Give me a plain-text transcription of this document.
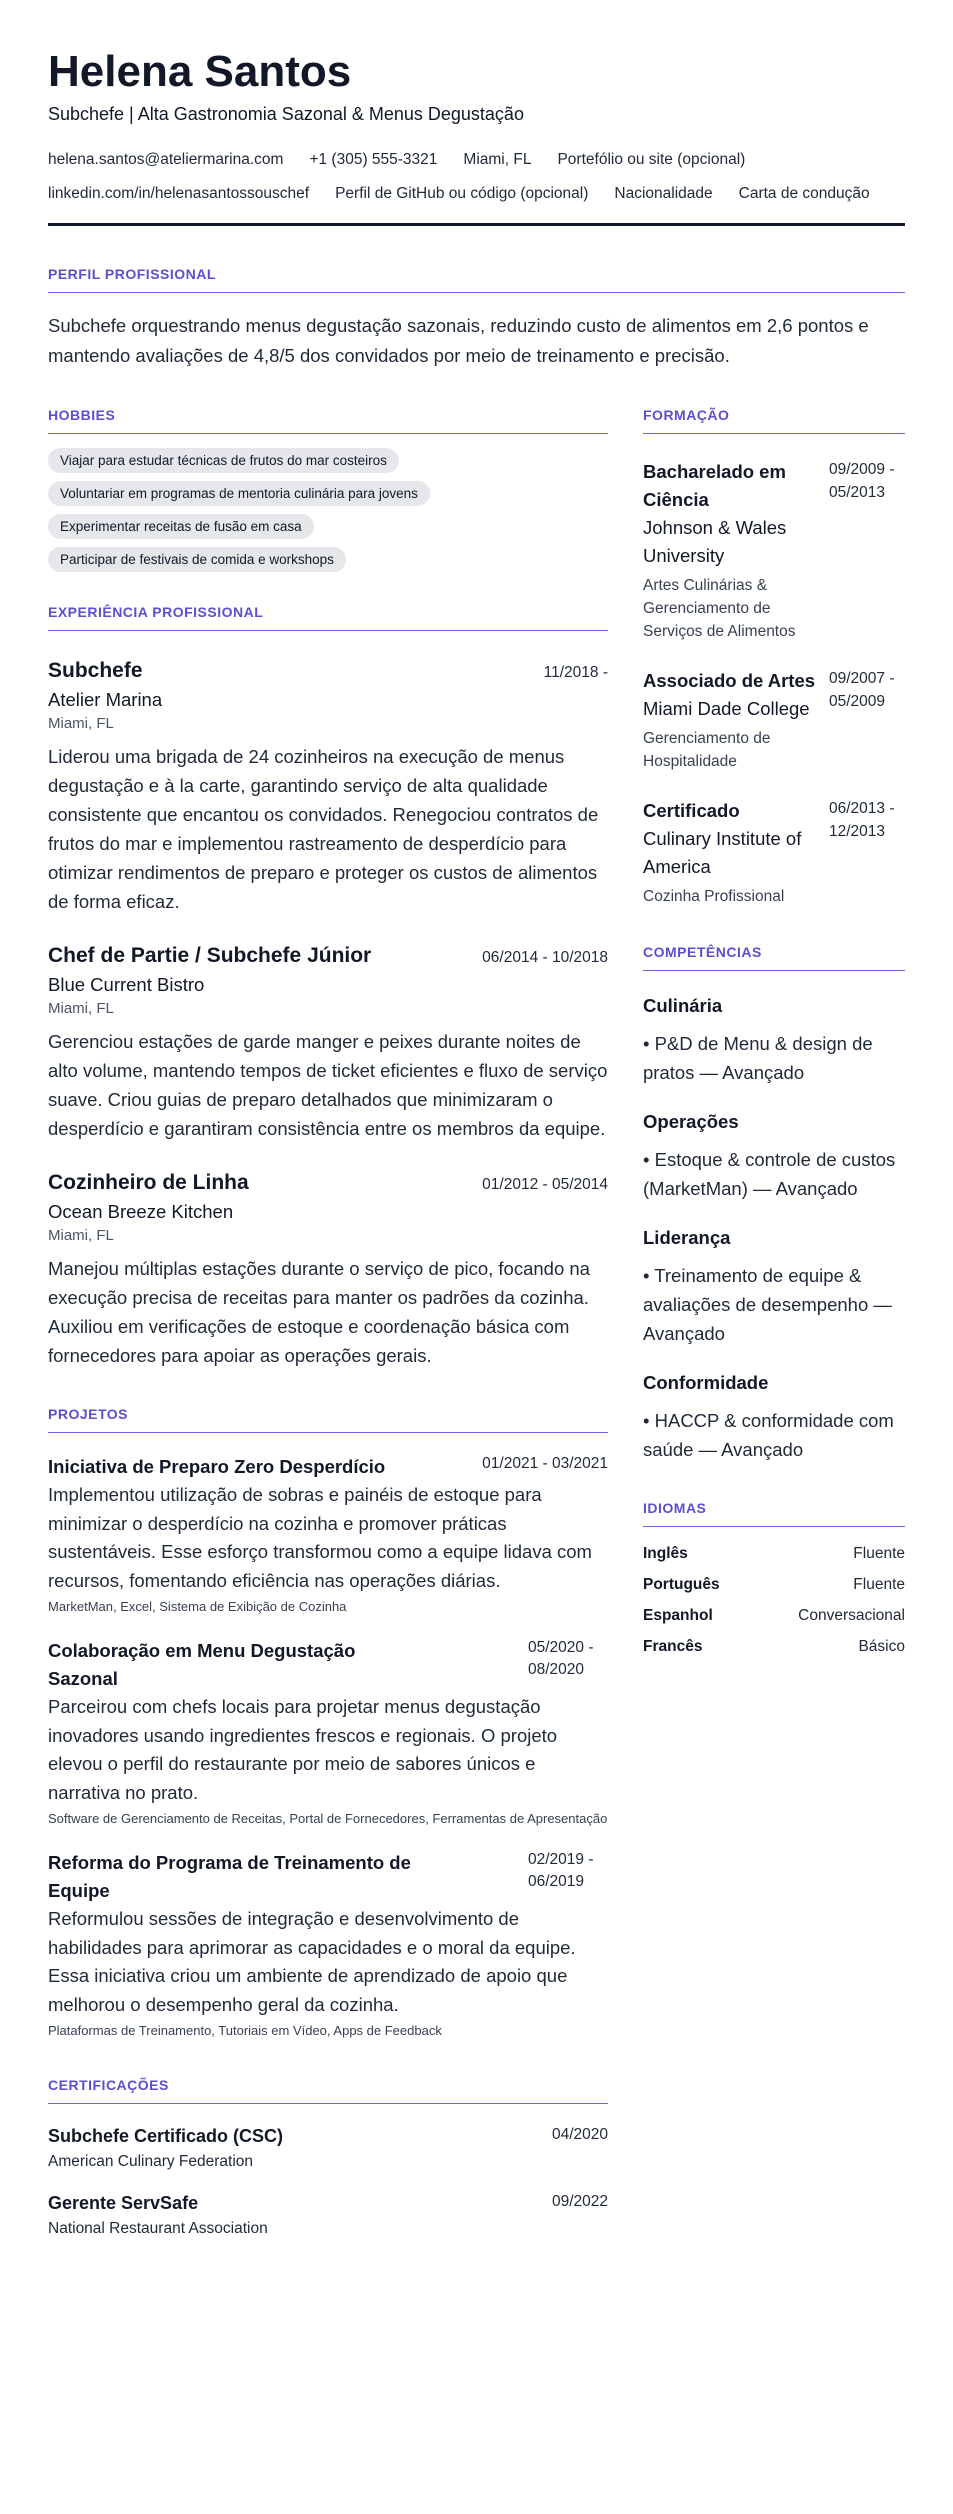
Helena Santos
Subchefe | Alta Gastronomia Sazonal & Menus Degustação
helena.santos@ateliermarina.com +1 (305) 555-3321 Miami, FL Portefólio ou site (opcional)
linkedin.com/in/helenasantossouschef Perfil de GitHub ou código (opcional) Nacionalidade Carta de condução
PERFIL PROFISSIONAL
Subchefe orquestrando menus degustação sazonais, reduzindo custo de alimentos em 2,6 pontos e mantendo avaliações de 4,8/5 dos convidados por meio de treinamento e precisão.
HOBBIES
Viajar para estudar técnicas de frutos do mar costeiros
Voluntariar em programas de mentoria culinária para jovens
Experimentar receitas de fusão em casa
Participar de festivais de comida e workshops
EXPERIÊNCIA PROFISSIONAL
Subchefe	11/2018 -
Atelier Marina
Miami, FL
Liderou uma brigada de 24 cozinheiros na execução de menus degustação e à la carte, garantindo serviço de alta qualidade consistente que encantou os convidados. Renegociou contratos de frutos do mar e implementou rastreamento de desperdício para otimizar rendimentos de preparo e proteger os custos de alimentos de forma eficaz.
Chef de Partie / Subchefe Júnior	06/2014 - 10/2018
Blue Current Bistro
Miami, FL
Gerenciou estações de garde manger e peixes durante noites de alto volume, mantendo tempos de ticket eficientes e fluxo de serviço suave. Criou guias de preparo detalhados que minimizaram o desperdício e garantiram consistência entre os membros da equipe.
Cozinheiro de Linha	01/2012 - 05/2014
Ocean Breeze Kitchen
Miami, FL
Manejou múltiplas estações durante o serviço de pico, focando na execução precisa de receitas para manter os padrões da cozinha. Auxiliou em verificações de estoque e coordenação básica com fornecedores para apoiar as operações gerais.
PROJETOS
Iniciativa de Preparo Zero Desperdício	01/2021 - 03/2021
Implementou utilização de sobras e painéis de estoque para minimizar o desperdício na cozinha e promover práticas sustentáveis. Esse esforço transformou como a equipe lidava com recursos, fomentando eficiência nas operações diárias.
MarketMan, Excel, Sistema de Exibição de Cozinha
Colaboração em Menu Degustação Sazonal
05/2020 - 08/2020
Parceirou com chefs locais para projetar menus degustação inovadores usando ingredientes frescos e regionais. O projeto elevou o perfil do restaurante por meio de sabores únicos e narrativa no prato.
Software de Gerenciamento de Receitas, Portal de Fornecedores, Ferramentas de Apresentação
Reforma do Programa de Treinamento de Equipe
02/2019 - 06/2019
Reformulou sessões de integração e desenvolvimento de habilidades para aprimorar as capacidades e o moral da equipe. Essa iniciativa criou um ambiente de aprendizado de apoio que melhorou o desempenho geral da cozinha.
Plataformas de Treinamento, Tutoriais em Vídeo, Apps de Feedback
CERTIFICAÇÕES
Subchefe Certificado (CSC)	04/2020
American Culinary Federation
Gerente ServSafe	09/2022
National Restaurant Association
FORMAÇÃO
Bacharelado em Ciência
Johnson & Wales University
Artes Culinárias & Gerenciamento de Serviços de Alimentos
09/2009 - 05/2013
Associado de Artes
Miami Dade College
Gerenciamento de Hospitalidade
09/2007 - 05/2009
Certificado
Culinary Institute of America
Cozinha Profissional
06/2013 - 12/2013
COMPETÊNCIAS
Culinária
• P&D de Menu & design de pratos — Avançado
Operações
• Estoque & controle de custos (MarketMan) — Avançado
Liderança
• Treinamento de equipe & avaliações de desempenho — Avançado
Conformidade
• HACCP & conformidade com saúde — Avançado
IDIOMAS
Inglês	Fluente
Português	Fluente
Espanhol	Conversacional
Francês	Básico
